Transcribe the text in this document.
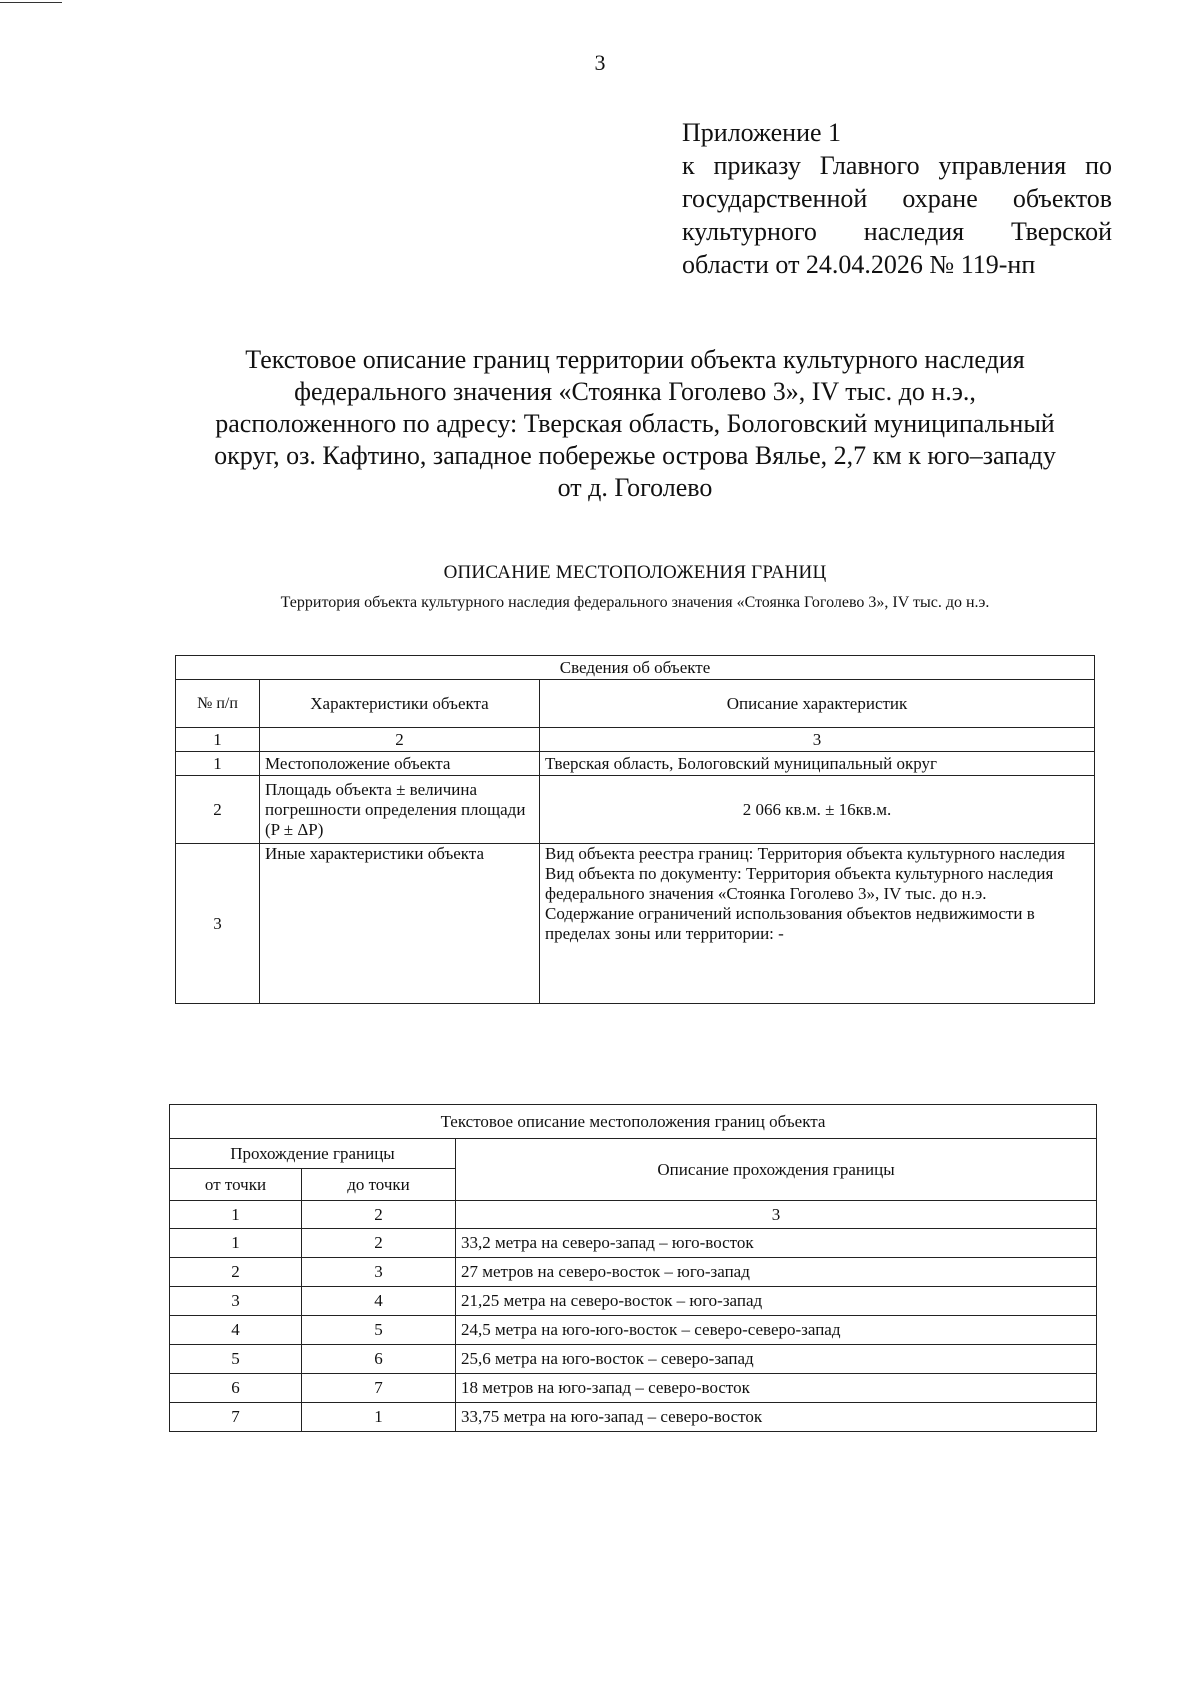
3
Приложение 1
к приказу Главного управления по
государственной охране объектов
культурного наследия Тверской
области от 24.04.2026 № 119-нп
Текстовое описание границ территории объекта культурного наследия
федерального значения «Стоянка Гоголево 3», IV тыс. до н.э.,
расположенного по адресу: Тверская область, Бологовский муниципальный
округ, оз. Кафтино, западное побережье острова Вялье, 2,7 км к юго–западу
от д. Гоголево
ОПИСАНИЕ МЕСТОПОЛОЖЕНИЯ ГРАНИЦ
Территория объекта культурного наследия федерального значения «Стоянка Гоголево 3», IV тыс. до н.э.
Сведения об объекте		
№ п/п	Характеристики объекта	Описание характеристик
1	2	3
1	Местоположение объекта	Тверская область, Бологовский муниципальный округ
2	Площадь объекта ± величина погрешности определения площади (P ± ΔP)	2 066 кв.м. ± 16кв.м.
3	Иные характеристики объекта	Вид объекта реестра границ: Территория объекта культурного наследия
Вид объекта по документу: Территория объекта культурного наследия федерального значения «Стоянка Гоголево 3», IV тыс. до н.э.
Содержание ограничений использования объектов недвижимости в пределах зоны или территории: -
Текстовое описание местоположения границ объекта		
Прохождение границы		Описание прохождения границы
от точки	до точки	
1	2	3
1	2	33,2 метра на северо-запад – юго-восток
2	3	27 метров на северо-восток – юго-запад
3	4	21,25 метра на северо-восток – юго-запад
4	5	24,5 метра на юго-юго-восток – северо-северо-запад
5	6	25,6 метра на юго-восток – северо-запад
6	7	18 метров на юго-запад – северо-восток
7	1	33,75 метра на юго-запад – северо-восток
